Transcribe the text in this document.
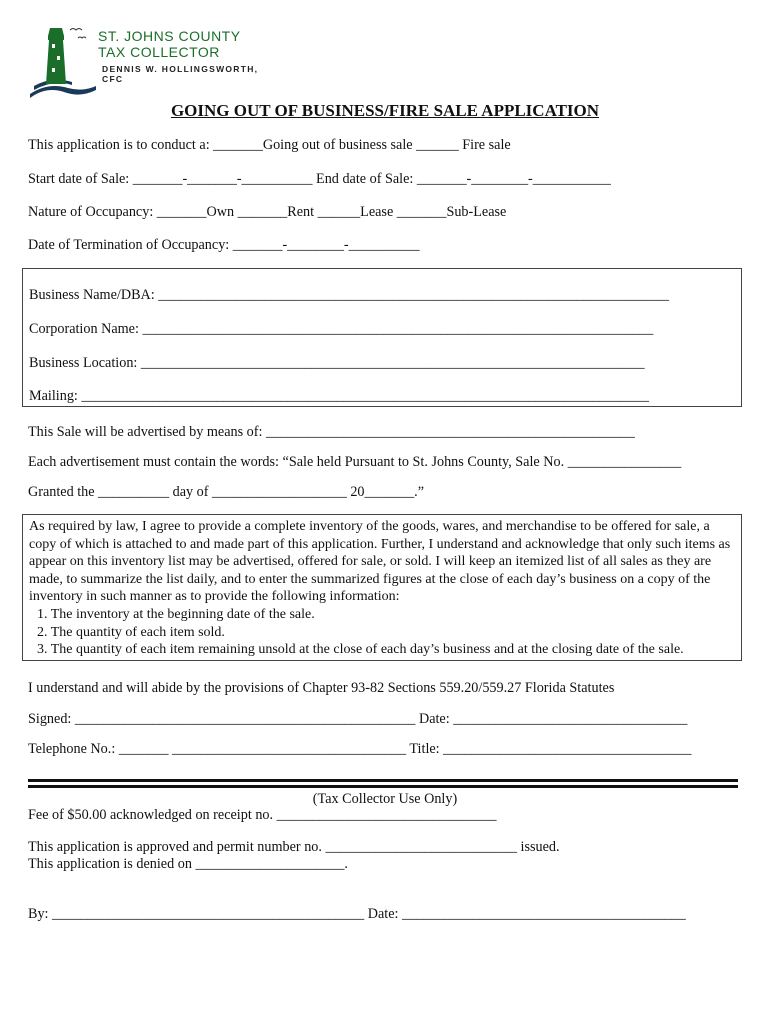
ST. JOHNS COUNTY
TAX COLLECTOR
DENNIS W. HOLLINGSWORTH, CFC
GOING OUT OF BUSINESS/FIRE SALE APPLICATION
This application is to conduct a: _______Going out of business sale ______ Fire sale
Start date of Sale: _______-_______-__________ End date of Sale: _______-________-___________
Nature of Occupancy: _______Own _______Rent ______Lease _______Sub-Lease
Date of Termination of Occupancy: _______-________-__________
Business Name/DBA: ________________________________________________________________________
Corporation Name: ________________________________________________________________________
Business Location: _______________________________________________________________________
Mailing: ________________________________________________________________________________
This Sale will be advertised by means of: ____________________________________________________
Each advertisement must contain the words: “Sale held Pursuant to St. Johns County, Sale No. ________________
Granted the __________ day of ___________________ 20_______.”

As required by law, I agree to provide a complete inventory of the goods, wares, and merchandise to be offered for sale, a copy of which is attached to and made part of this application. Further, I understand and acknowledge that only such items as appear on this inventory list may be advertised, offered for sale, or sold. I will keep an itemized list of all sales as they are made, to summarize the list daily, and to enter the summarized figures at the close of each day’s business on a copy of the inventory in such manner as to provide the following information:

1. The inventory at the beginning date of the sale.
2. The quantity of each item sold.
3. The quantity of each item remaining unsold at the close of each day’s business and at the closing date of the sale.
I understand and will abide by the provisions of Chapter 93-82 Sections 559.20/559.27 Florida Statutes
Signed: ________________________________________________ Date: _________________________________
Telephone No.: _______ _________________________________ Title: ___________________________________
(Tax Collector Use Only)
Fee of $50.00 acknowledged on receipt no. _______________________________
This application is approved and permit number no. ___________________________ issued.
This application is denied on _____________________.
By: ____________________________________________ Date: ________________________________________
